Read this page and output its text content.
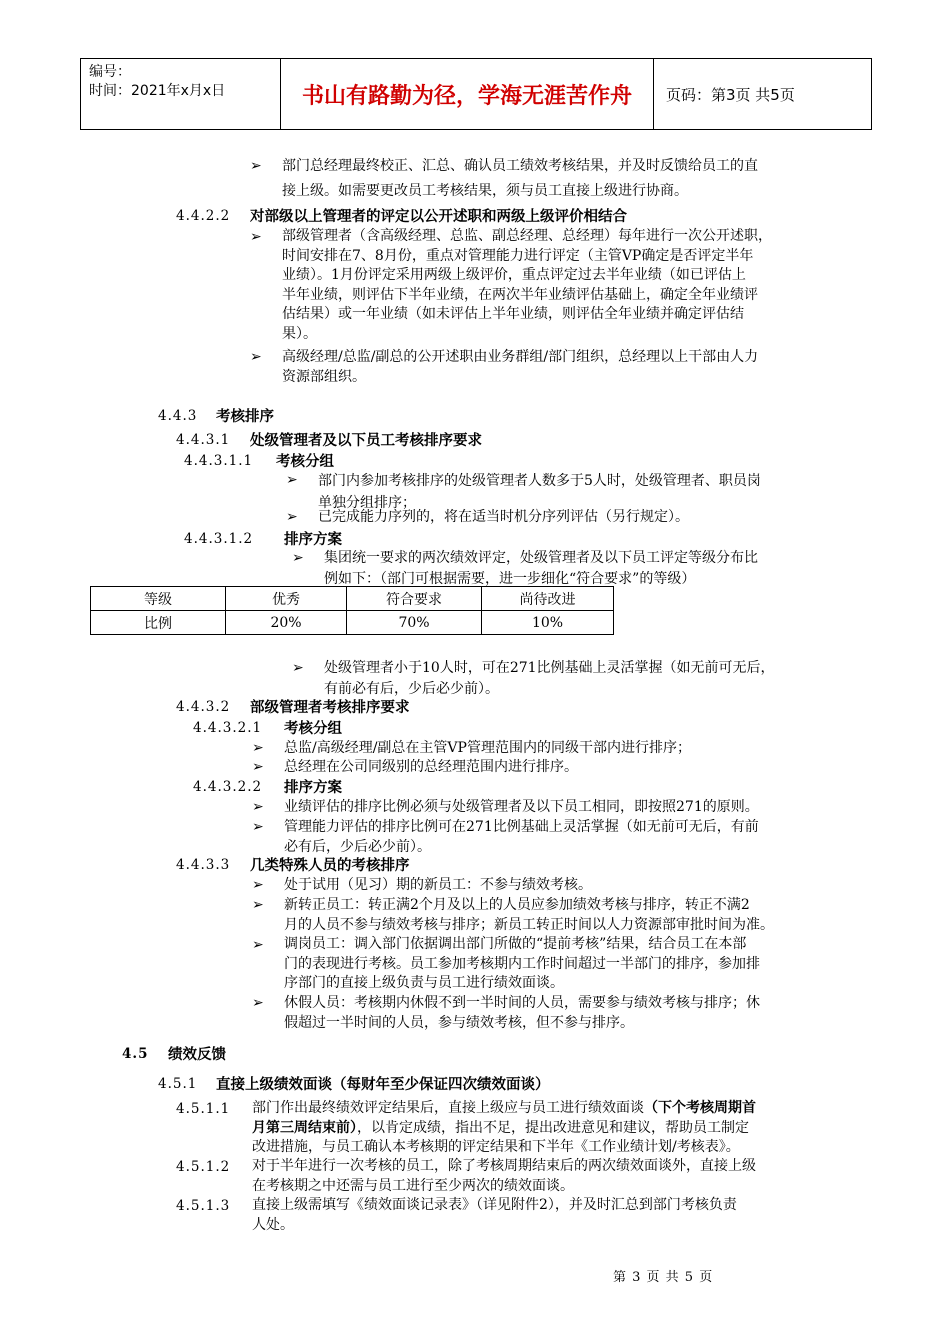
编号：
时间：2021年x月x日	书山有路勤为径，学海无涯苦作舟	页码：第3页 共5页
➢	部门总经理最终校正、汇总、确认员工绩效考核结果，并及时反馈给员工的直
接上级。如需要更改员工考核结果，须与员工直接上级进行协商。
4.4.2.2 对部级以上管理者的评定以公开述职和两级上级评价相结合
➢	部级管理者（含高级经理、总监、副总经理、总经理）每年进行一次公开述职，
时间安排在7、8月份，重点对管理能力进行评定（主管VP确定是否评定半年
业绩）。1月份评定采用两级上级评价，重点评定过去半年业绩（如已评估上
半年业绩，则评估下半年业绩，在两次半年业绩评估基础上，确定全年业绩评
估结果）或一年业绩（如未评估上半年业绩，则评估全年业绩并确定评估结
果）。
➢	高级经理/总监/副总的公开述职由业务群组/部门组织，总经理以上干部由人力
资源部组织。
4.4.3 考核排序
4.4.3.1 处级管理者及以下员工考核排序要求
4.4.3.1.1 考核分组
➢	部门内参加考核排序的处级管理者人数多于5人时，处级管理者、职员岗
单独分组排序；
➢	已完成能力序列的，将在适当时机分序列评估（另行规定）。
4.4.3.1.2 排序方案
➢	集团统一要求的两次绩效评定，处级管理者及以下员工评定等级分布比
例如下：（部门可根据需要，进一步细化“符合要求”的等级）
等级	优秀	符合要求	尚待改进
比例	20%	70%	10%
➢	处级管理者小于10人时，可在271比例基础上灵活掌握（如无前可无后，
有前必有后，少后必少前）。
4.4.3.2 部级管理者考核排序要求
4.4.3.2.1 考核分组
➢	总监/高级经理/副总在主管VP管理范围内的同级干部内进行排序；
➢	总经理在公司同级别的总经理范围内进行排序。
4.4.3.2.2 排序方案
➢	业绩评估的排序比例必须与处级管理者及以下员工相同，即按照271的原则。
➢	管理能力评估的排序比例可在271比例基础上灵活掌握（如无前可无后，有前
必有后，少后必少前）。
4.4.3.3 几类特殊人员的考核排序
➢	处于试用（见习）期的新员工：不参与绩效考核。
➢	新转正员工：转正满2个月及以上的人员应参加绩效考核与排序，转正不满2
月的人员不参与绩效考核与排序；新员工转正时间以人力资源部审批时间为准。
➢	调岗员工：调入部门依据调出部门所做的“提前考核”结果，结合员工在本部
门的表现进行考核。员工参加考核期内工作时间超过一半部门的排序，参加排
序部门的直接上级负责与员工进行绩效面谈。
➢	休假人员：考核期内休假不到一半时间的人员，需要参与绩效考核与排序；休
假超过一半时间的人员，参与绩效考核，但不参与排序。
4.5 绩效反馈
4.5.1 直接上级绩效面谈（每财年至少保证四次绩效面谈）
4.5.1.1 部门作出最终绩效评定结果后，直接上级应与员工进行绩效面谈（下个考核周期首
月第三周结束前），以肯定成绩，指出不足，提出改进意见和建议，帮助员工制定
改进措施，与员工确认本考核期的评定结果和下半年《工作业绩计划/考核表》。
4.5.1.2 对于半年进行一次考核的员工，除了考核周期结束后的两次绩效面谈外，直接上级
在考核期之中还需与员工进行至少两次的绩效面谈。
4.5.1.3 直接上级需填写《绩效面谈记录表》（详见附件2），并及时汇总到部门考核负责
人处。
第 3 页 共 5 页
